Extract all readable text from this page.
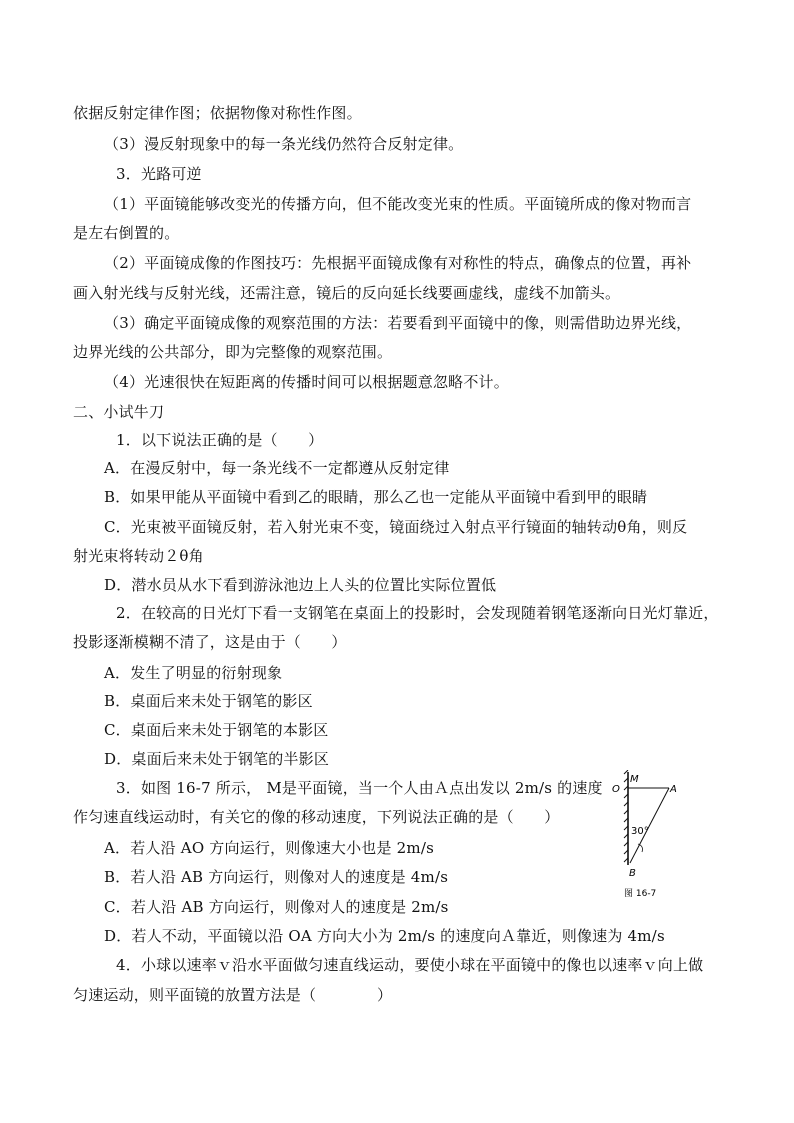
依据反射定律作图；依据物像对称性作图。
（3）漫反射现象中的每一条光线仍然符合反射定律。
3．光路可逆
（1）平面镜能够改变光的传播方向，但不能改变光束的性质。平面镜所成的像对物而言
是左右倒置的。
（2）平面镜成像的作图技巧：先根据平面镜成像有对称性的特点，确像点的位置，再补
画入射光线与反射光线，还需注意，镜后的反向延长线要画虚线，虚线不加箭头。
（3）确定平面镜成像的观察范围的方法：若要看到平面镜中的像，则需借助边界光线，
边界光线的公共部分，即为完整像的观察范围。
（4）光速很快在短距离的传播时间可以根据题意忽略不计。
二、小试牛刀
1．以下说法正确的是（　　）
A．在漫反射中，每一条光线不一定都遵从反射定律
B．如果甲能从平面镜中看到乙的眼睛，那么乙也一定能从平面镜中看到甲的眼睛
C．光束被平面镜反射，若入射光束不变，镜面绕过入射点平行镜面的轴转动θ角，则反
射光束将转动２θ角
D．潜水员从水下看到游泳池边上人头的位置比实际位置低
2．在较高的日光灯下看一支钢笔在桌面上的投影时，会发现随着钢笔逐渐向日光灯靠近，
投影逐渐模糊不清了，这是由于（　　）
A．发生了明显的衍射现象
B．桌面后来未处于钢笔的影区
C．桌面后来未处于钢笔的本影区
D．桌面后来未处于钢笔的半影区
3．如图 16-7 所示， M是平面镜，当一个人由Ａ点出发以 2m/s 的速度
作匀速直线运动时，有关它的像的移动速度，下列说法正确的是（　　）
A．若人沿 AO 方向运行，则像速大小也是 2m/s
B．若人沿 AB 方向运行，则像对人的速度是 4m/s
C．若人沿 AB 方向运行，则像对人的速度是 2m/s
D．若人不动，平面镜以沿 OA 方向大小为 2m/s 的速度向Ａ靠近，则像速为 4m/s
4．小球以速率ｖ沿水平面做匀速直线运动，要使小球在平面镜中的像也以速率ｖ向上做
匀速运动，则平面镜的放置方法是（　　　　）
M
O	A
B
30°
图 16-7
